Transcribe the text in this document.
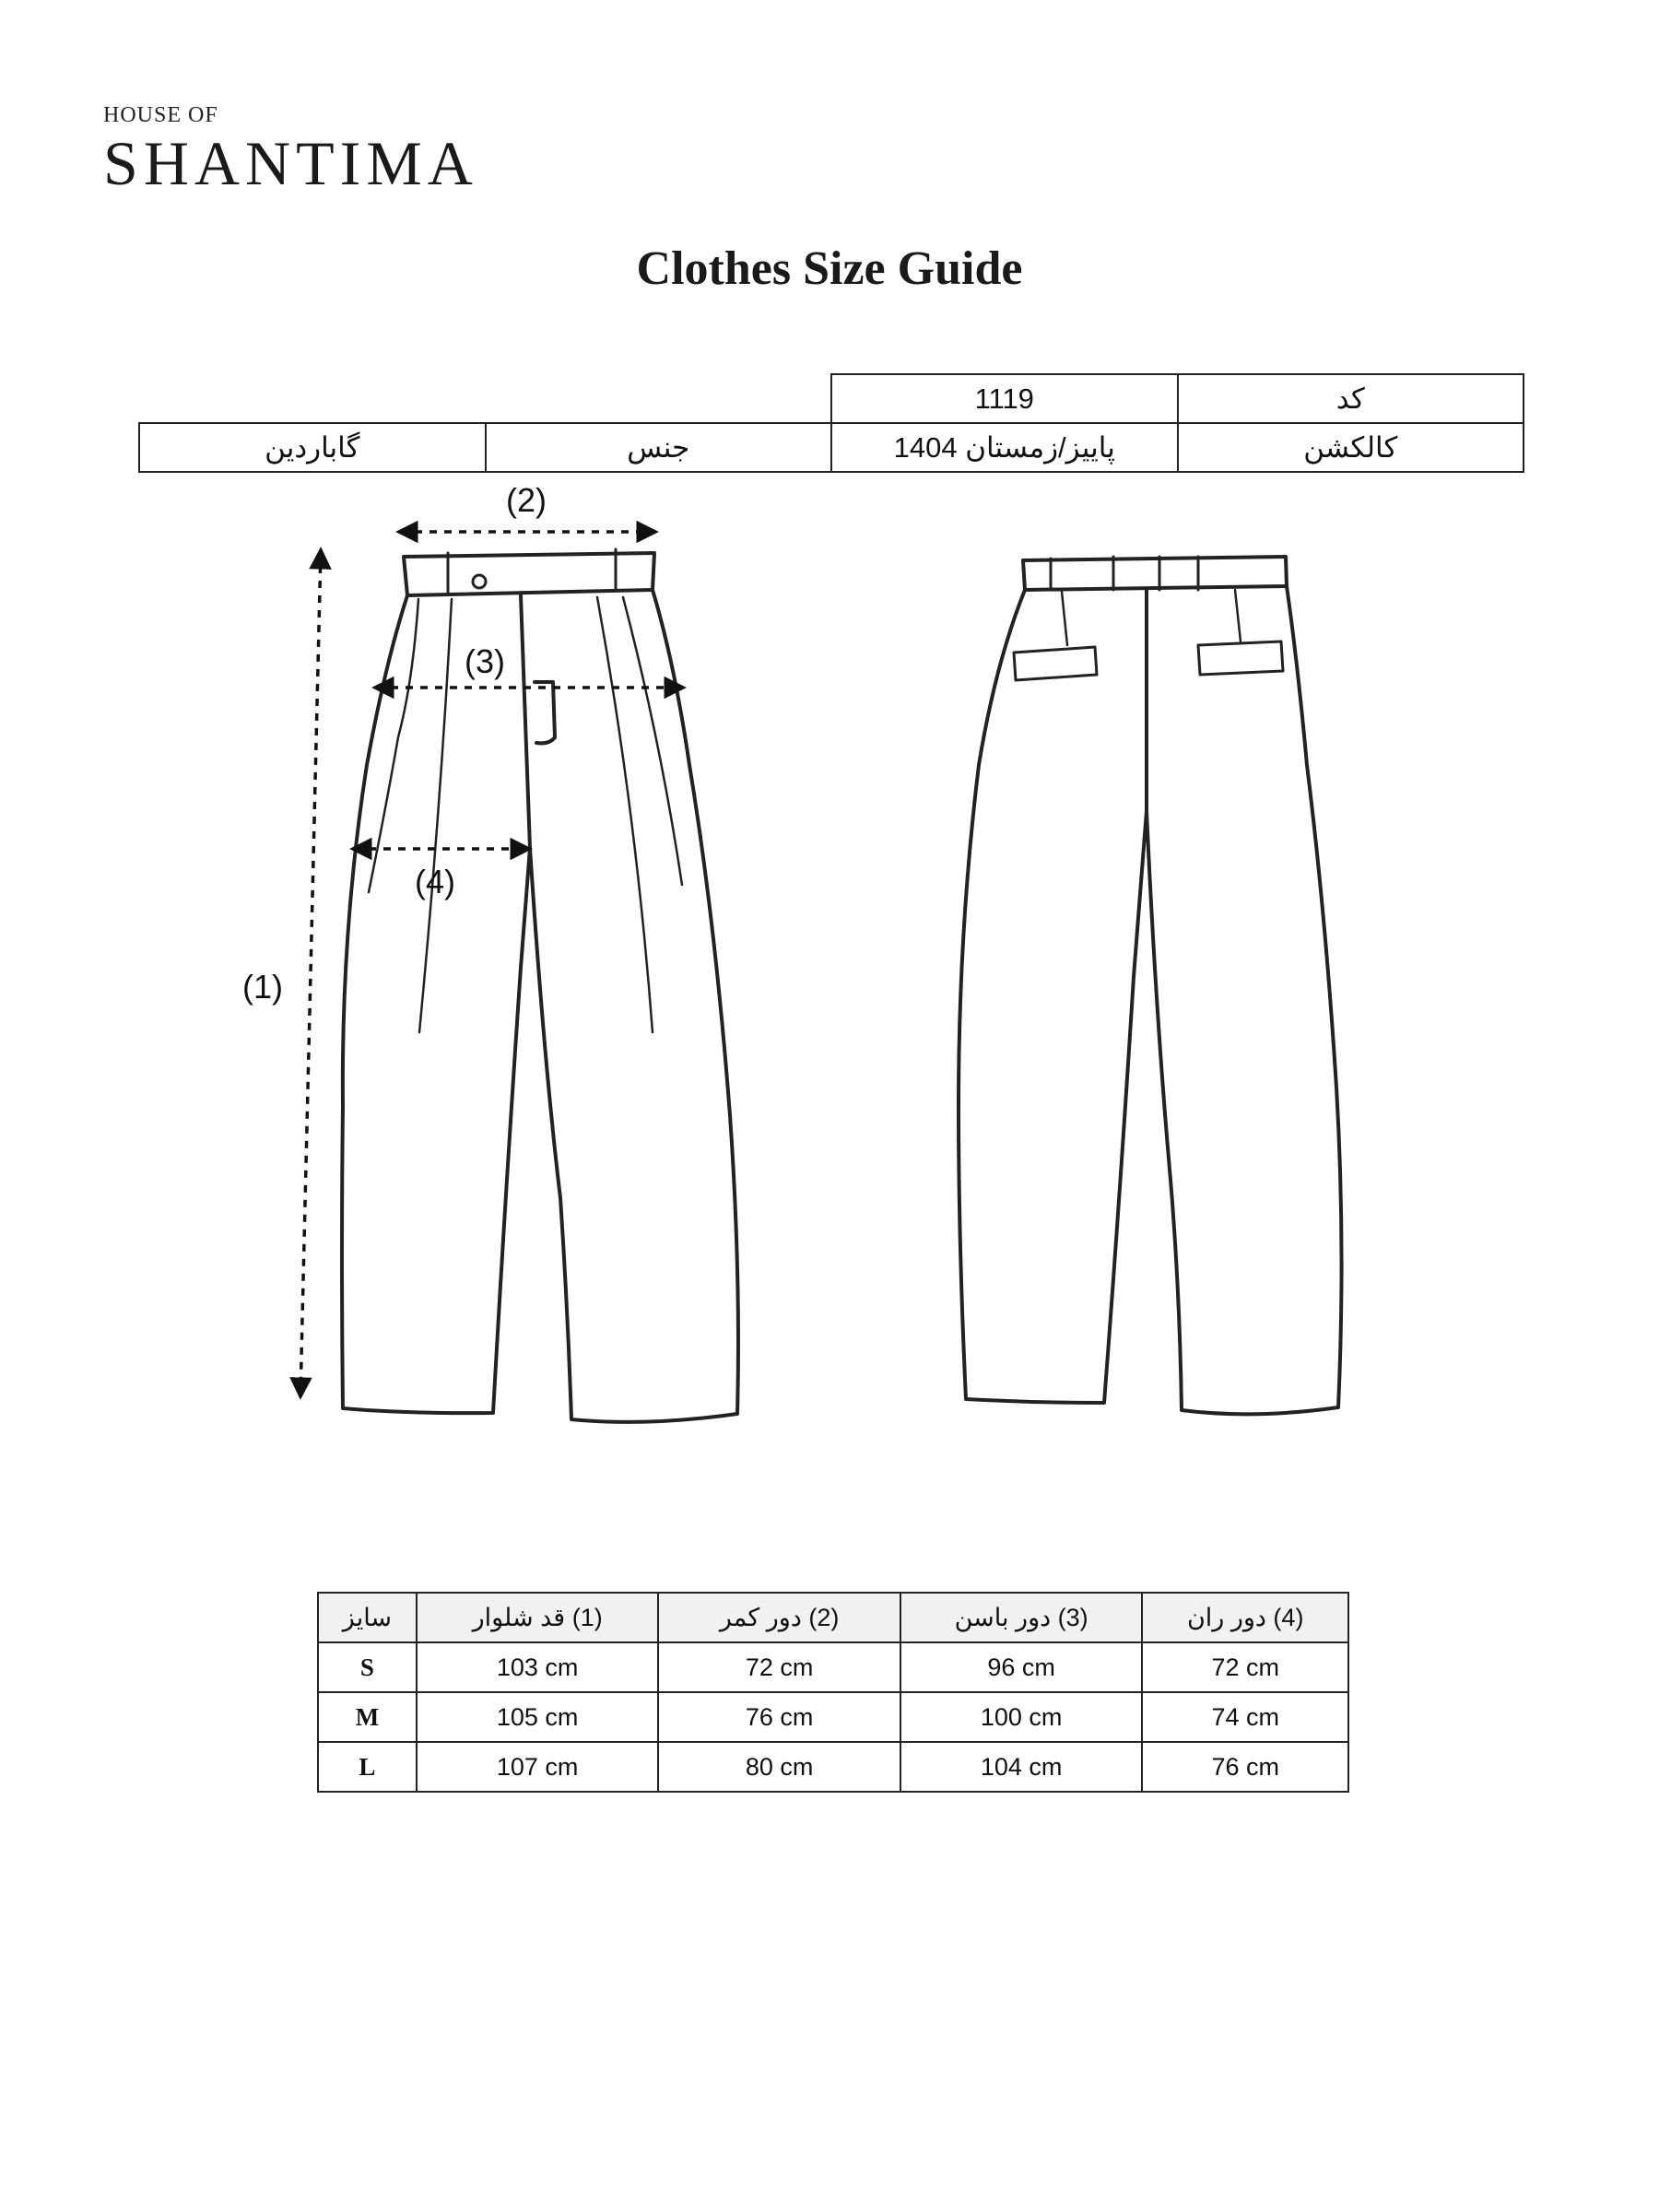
HOUSE OF
SHANTIMA
Clothes Size Guide
		1119	کد
گاباردین	جنس	پاییز/زمستان 1404	کالکشن
(1)
(2)
(3)
(4)
سایز	(1) قد شلوار	(2) دور کمر	(3) دور باسن	(4) دور ران
S	103 cm	72 cm	96 cm	72 cm
M	105 cm	76 cm	100 cm	74 cm
L	107 cm	80 cm	104 cm	76 cm
